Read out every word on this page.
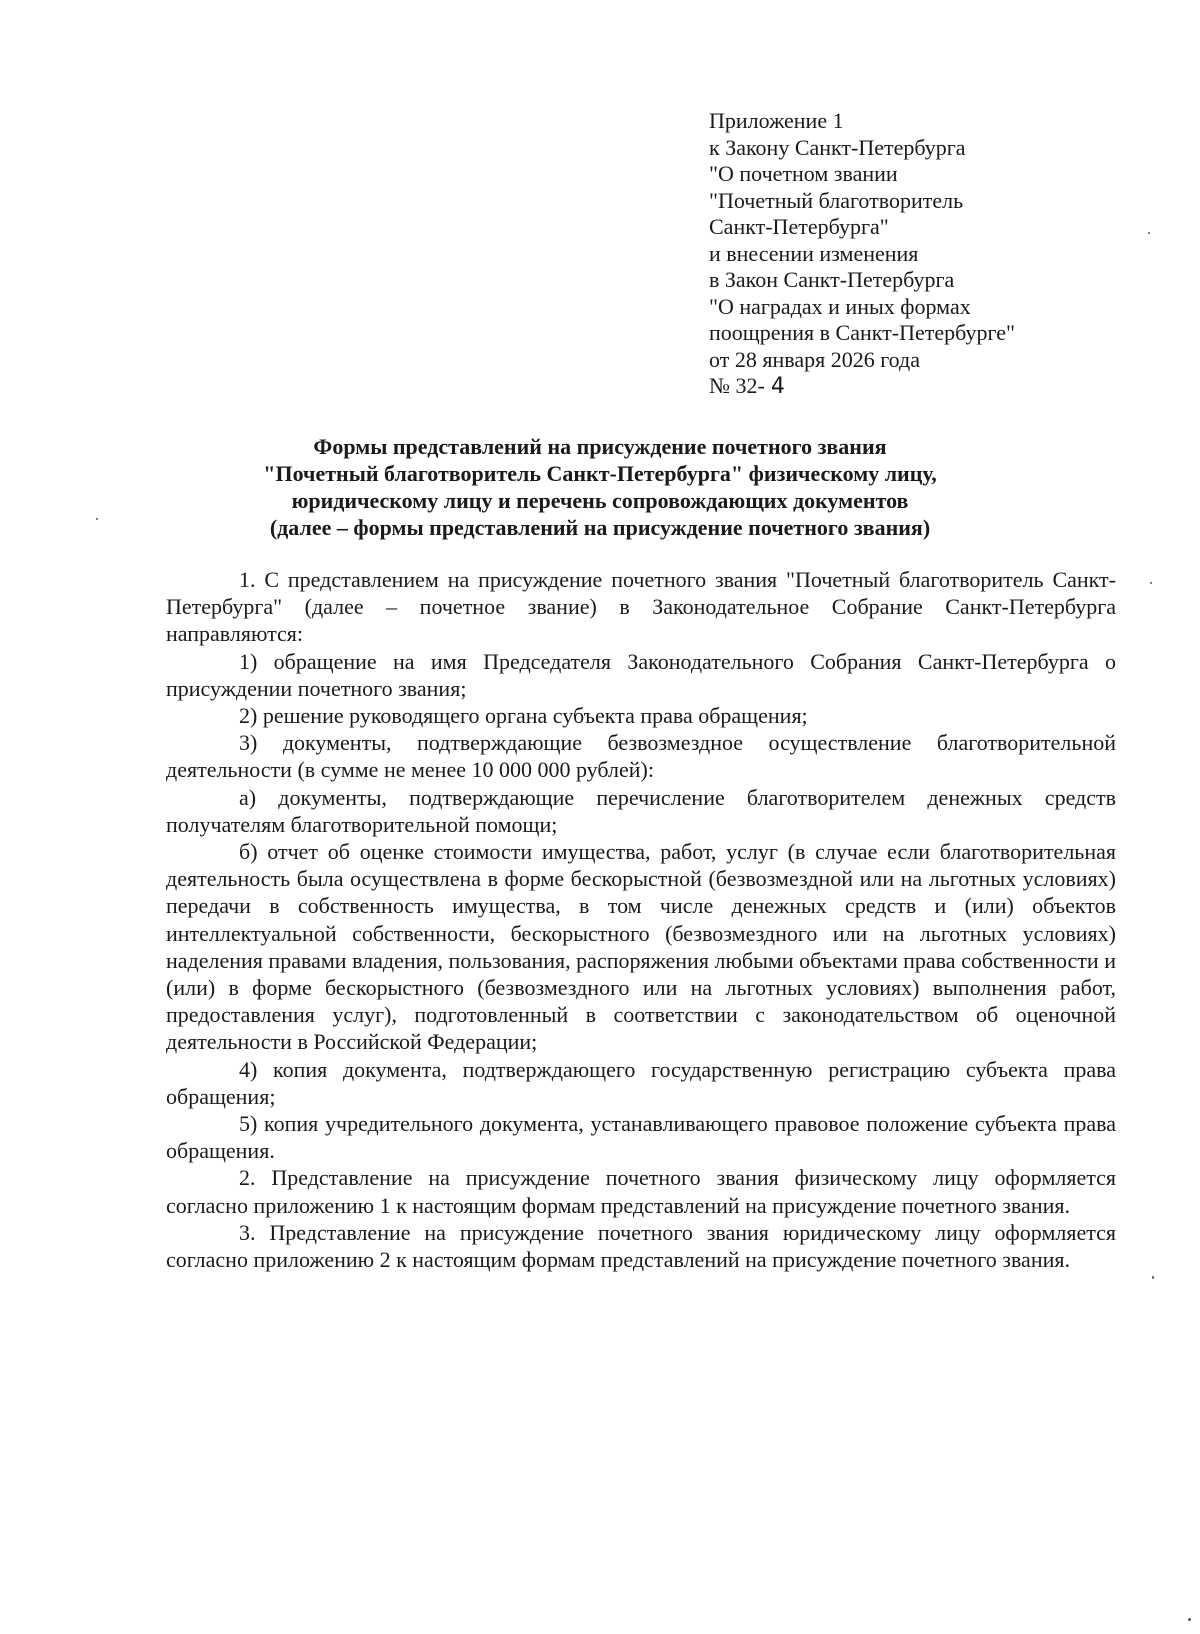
Приложение 1
к Закону Санкт-Петербурга
"О почетном звании
"Почетный благотворитель
Санкт-Петербурга"
и внесении изменения
в Закон Санкт-Петербурга
"О наградах и иных формах
поощрения в Санкт-Петербурге"
от 28 января 2026 года
№ 32- 4
Формы представлений на присуждение почетного звания
"Почетный благотворитель Санкт-Петербурга" физическому лицу,
юридическому лицу и перечень сопровождающих документов
(далее – формы представлений на присуждение почетного звания)

1. С представлением на присуждение почетного звания "Почетный благотворитель Санкт-Петербурга" (далее – почетное звание) в Законодательное Собрание Санкт-Петербурга направляются:

1) обращение на имя Председателя Законодательного Собрания Санкт-Петербурга о присуждении почетного звания;

2) решение руководящего органа субъекта права обращения;

3) документы, подтверждающие безвозмездное осуществление благотворительной деятельности (в сумме не менее 10 000 000 рублей):

а) документы, подтверждающие перечисление благотворителем денежных средств получателям благотворительной помощи;

б) отчет об оценке стоимости имущества, работ, услуг (в случае если благотворительная деятельность была осуществлена в форме бескорыстной (безвозмездной или на льготных условиях) передачи в собственность имущества, в том числе денежных средств и (или) объектов интеллектуальной собственности, бескорыстного (безвозмездного или на льготных условиях) наделения правами владения, пользования, распоряжения любыми объектами права собственности и (или) в форме бескорыстного (безвозмездного или на льготных условиях) выполнения работ, предоставления услуг), подготовленный в соответствии с законодательством об оценочной деятельности в Российской Федерации;

4) копия документа, подтверждающего государственную регистрацию субъекта права обращения;

5) копия учредительного документа, устанавливающего правовое положение субъекта права обращения.

2. Представление на присуждение почетного звания физическому лицу оформляется согласно приложению 1 к настоящим формам представлений на присуждение почетного звания.

3. Представление на присуждение почетного звания юридическому лицу оформляется согласно приложению 2 к настоящим формам представлений на присуждение почетного звания.
